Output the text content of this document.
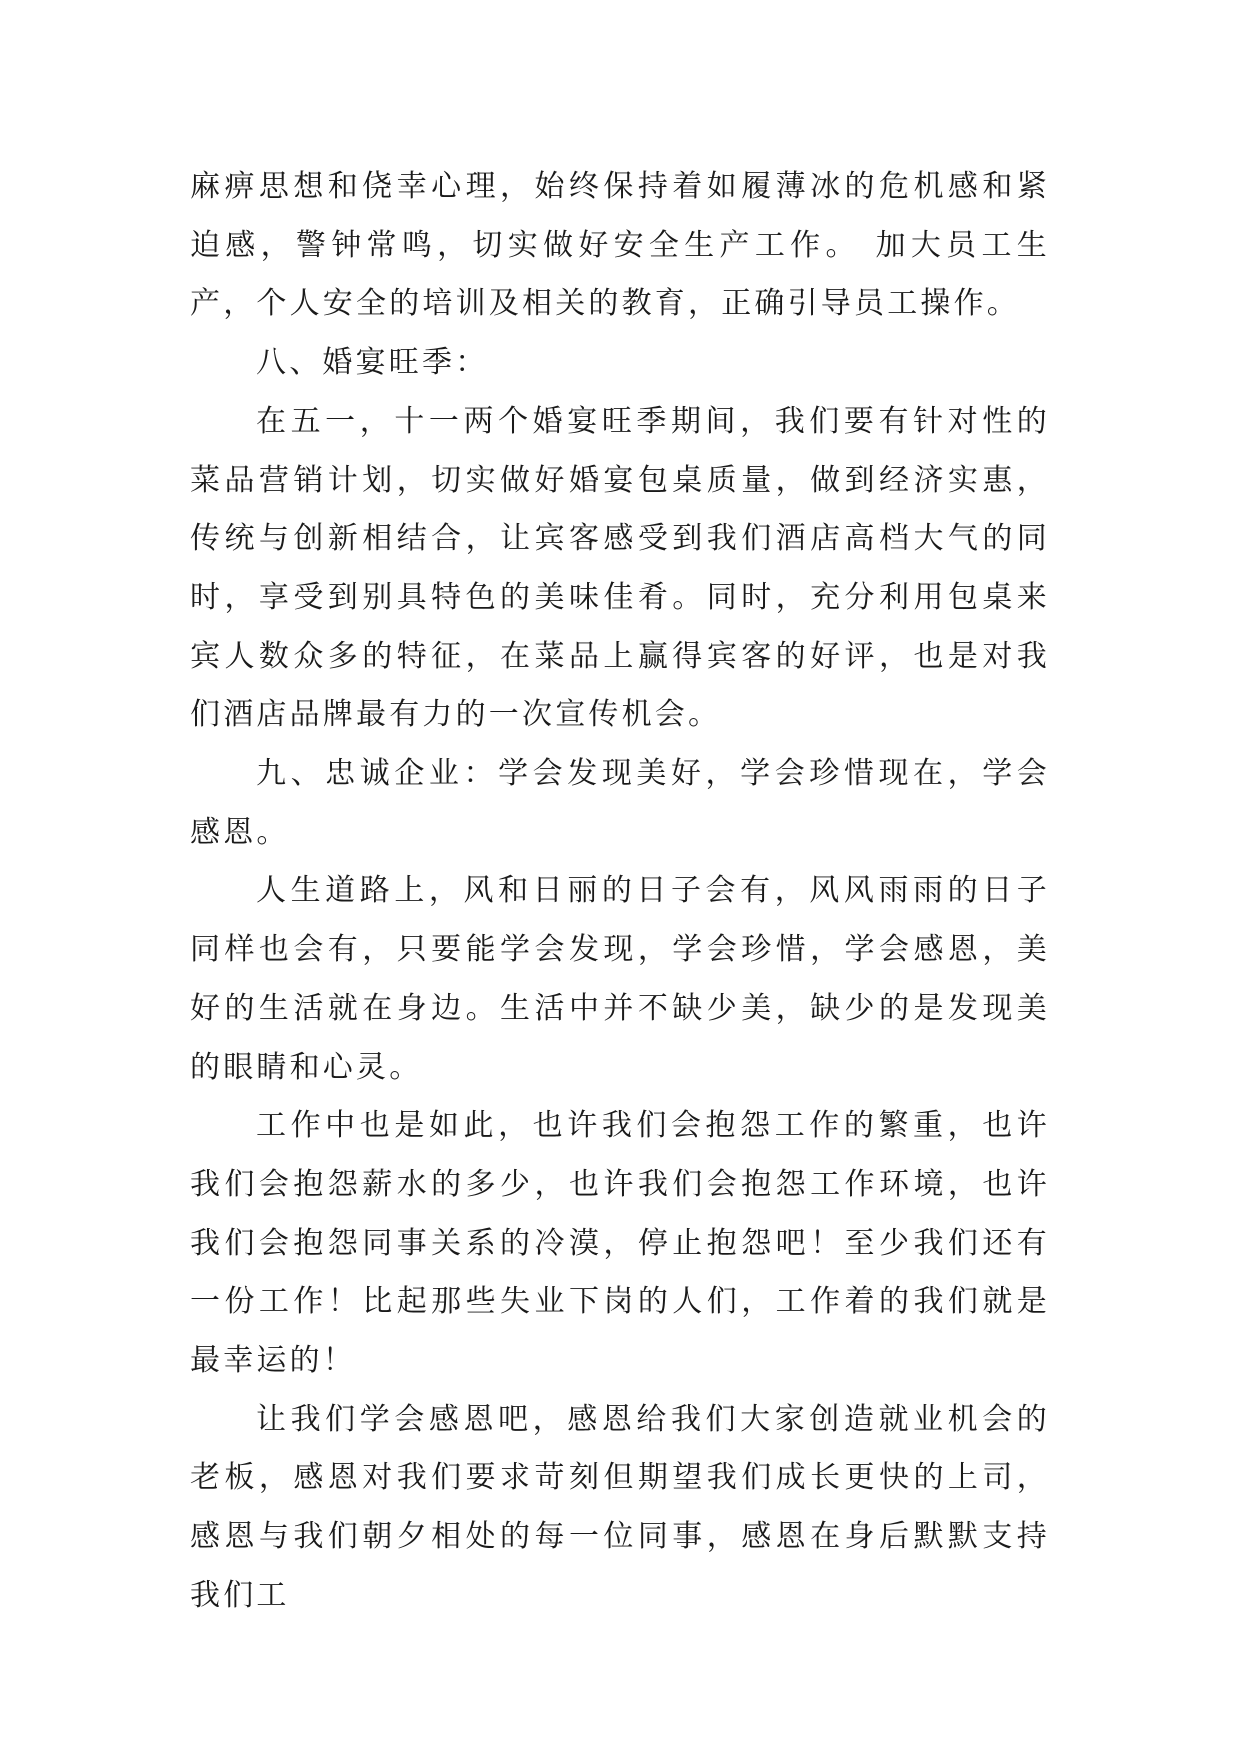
麻痹思想和侥幸心理，始终保持着如履薄冰的危机感和紧迫感，警钟常鸣，切实做好安全生产工作。 加大员工生产，个人安全的培训及相关的教育，正确引导员工操作。

八、婚宴旺季：

在五一，十一两个婚宴旺季期间，我们要有针对性的菜品营销计划，切实做好婚宴包桌质量，做到经济实惠，传统与创新相结合，让宾客感受到我们酒店高档大气的同时，享受到别具特色的美味佳肴。同时，充分利用包桌来宾人数众多的特征，在菜品上赢得宾客的好评，也是对我们酒店品牌最有力的一次宣传机会。

九、忠诚企业：学会发现美好，学会珍惜现在，学会感恩。

人生道路上，风和日丽的日子会有，风风雨雨的日子同样也会有，只要能学会发现，学会珍惜，学会感恩，美好的生活就在身边。生活中并不缺少美，缺少的是发现美的眼睛和心灵。

工作中也是如此，也许我们会抱怨工作的繁重，也许我们会抱怨薪水的多少，也许我们会抱怨工作环境，也许我们会抱怨同事关系的冷漠，停止抱怨吧！至少我们还有一份工作！比起那些失业下岗的人们，工作着的我们就是最幸运的！

让我们学会感恩吧，感恩给我们大家创造就业机会的老板，感恩对我们要求苛刻但期望我们成长更快的上司，感恩与我们朝夕相处的每一位同事，感恩在身后默默支持我们工
